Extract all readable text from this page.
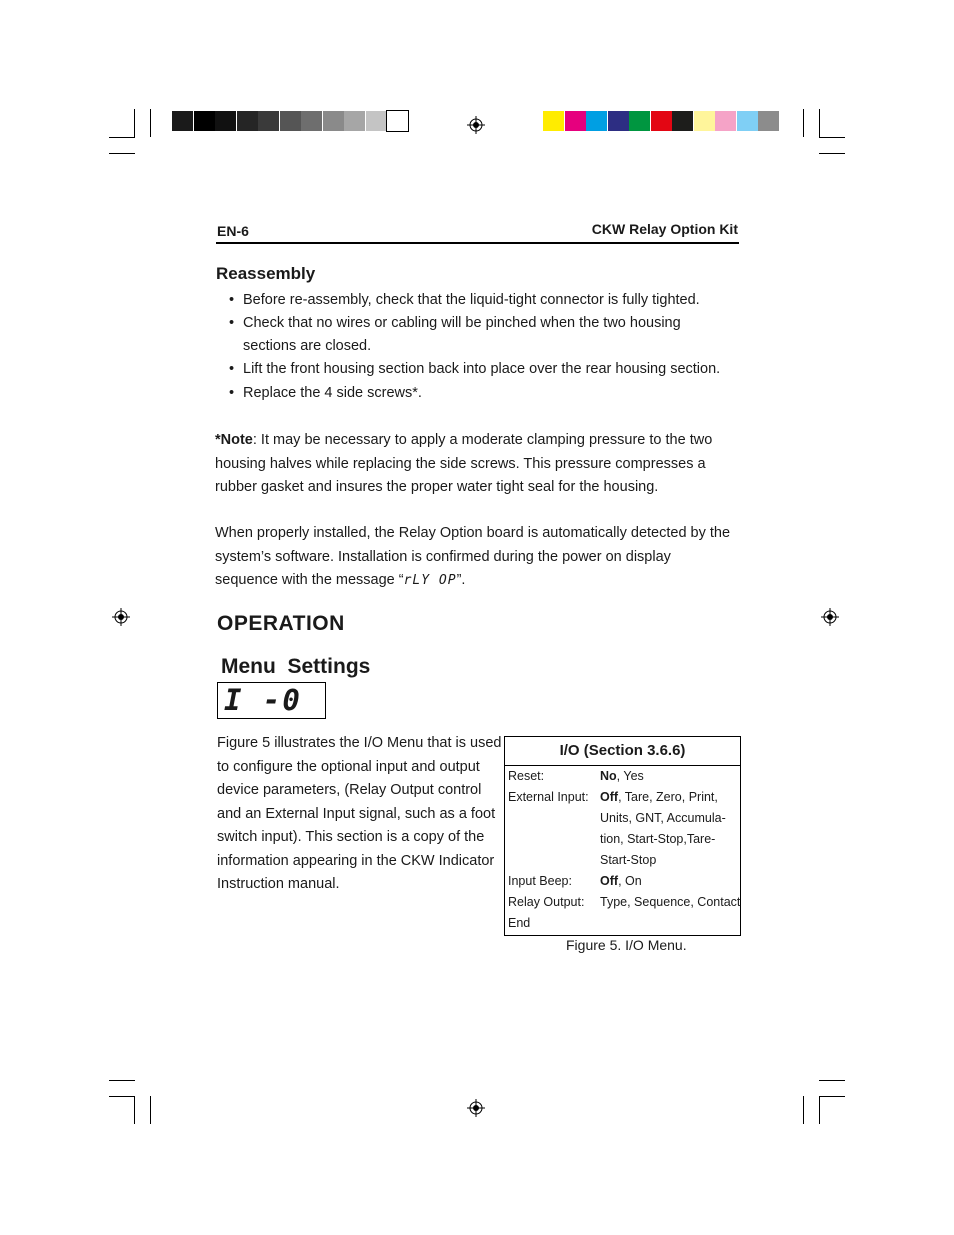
EN-6	CKW Relay Option Kit
Reassembly
• Before re-assembly, check that the liquid-tight connector is fully tighted.
• Check that no wires or cabling will be pinched when the two housing
sections are closed.
• Lift the front housing section back into place over the rear housing section.
• Replace the 4 side screws*.
*Note: It may be necessary to apply a moderate clamping pressure to the two
housing halves while replacing the side screws. This pressure compresses a
rubber gasket and insures the proper water tight seal for the housing.
When properly installed, the Relay Option board is automatically detected by the
system’s software. Installation is confirmed during the power on display
sequence with the message “rLY OP”.
OPERATION
Menu  Settings
I -0
Figure 5 illustrates the I/O Menu that is used
to configure the optional input and output
device parameters, (Relay Output control
and an External Input signal, such as a foot
switch input). This section is a copy of the
information appearing in the CKW Indicator
Instruction manual.
I/O (Section 3.6.6)
Reset:	No, Yes
External Input: Off, Tare, Zero, Print,
Units, GNT, Accumula-
tion, Start-Stop,Tare-
Start-Stop
Input Beep: Off, On
Relay Output: Type, Sequence, Contact
End
Figure 5. I/O Menu.
